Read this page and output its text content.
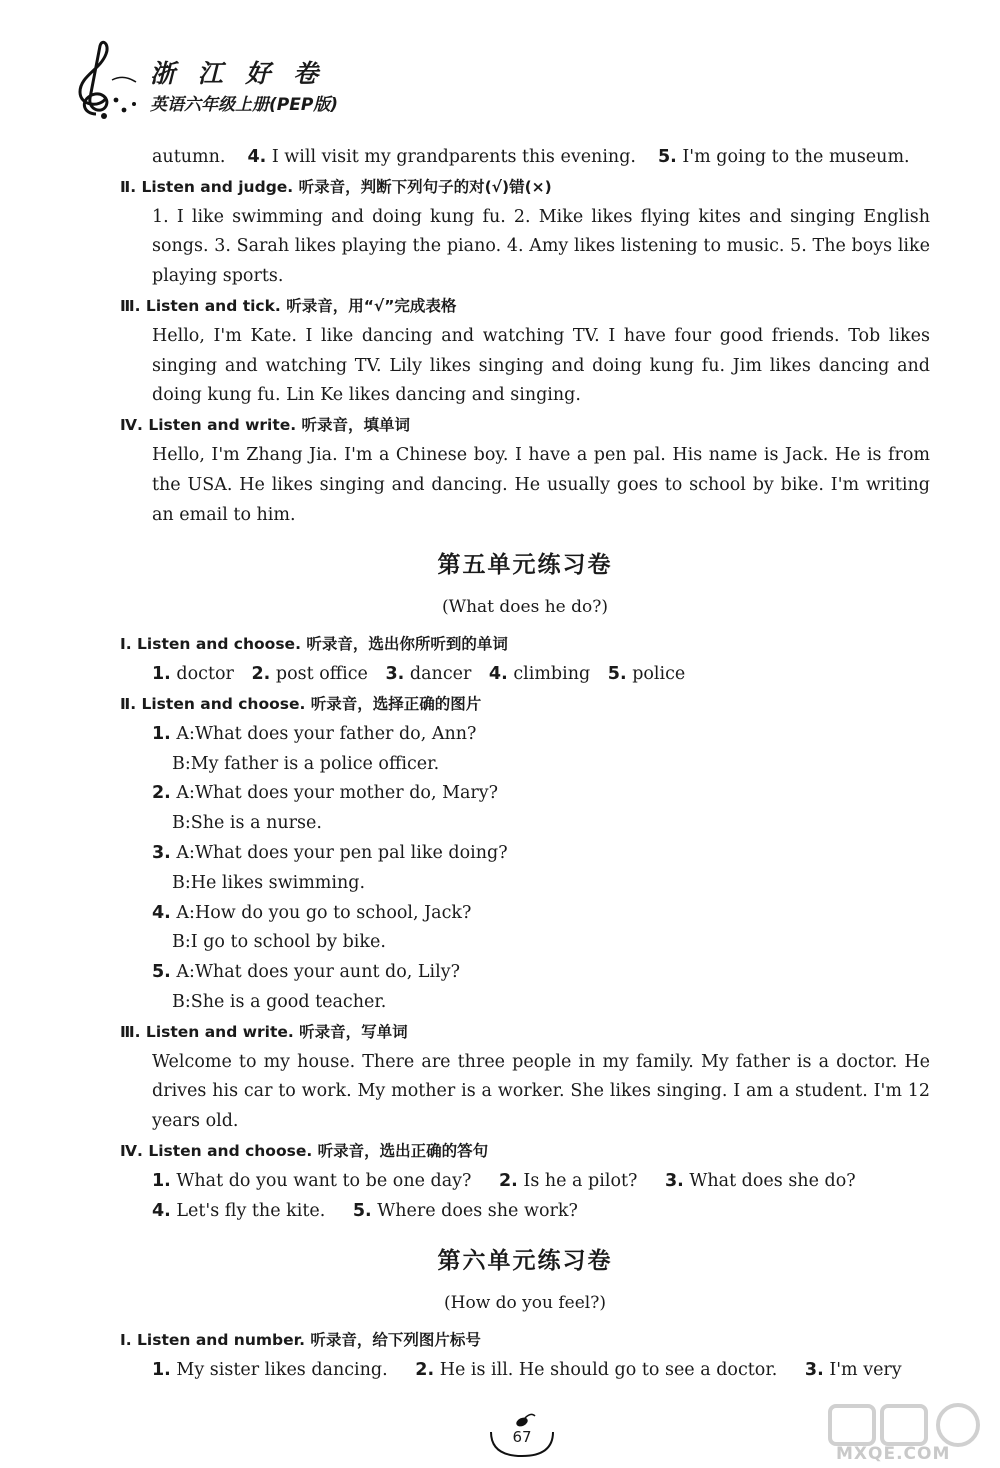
浙 江 好 卷
英语六年级上册(PEP版)
autumn. 4. I will visit my grandparents this evening. 5. I'm going to the museum.
Ⅱ. Listen and judge. 听录音，判断下列句子的对(√)错(×)
1. I like swimming and doing kung fu. 2. Mike likes flying kites and singing English songs. 3. Sarah likes playing the piano. 4. Amy likes listening to music. 5. The boys like playing sports.
Ⅲ. Listen and tick. 听录音，用“√”完成表格
Hello, I'm Kate. I like dancing and watching TV. I have four good friends. Tob likes singing and watching TV. Lily likes singing and doing kung fu. Jim likes dancing and doing kung fu. Lin Ke likes dancing and singing.
Ⅳ. Listen and write. 听录音，填单词
Hello, I'm Zhang Jia. I'm a Chinese boy. I have a pen pal. His name is Jack. He is from the USA. He likes singing and dancing. He usually goes to school by bike. I'm writing an email to him.
第五单元练习卷
(What does he do?)
Ⅰ. Listen and choose. 听录音，选出你所听到的单词
1. doctor 2. post office 3. dancer 4. climbing 5. police
Ⅱ. Listen and choose. 听录音，选择正确的图片
1. A:What does your father do, Ann?
B:My father is a police officer.
2. A:What does your mother do, Mary?
B:She is a nurse.
3. A:What does your pen pal like doing?
B:He likes swimming.
4. A:How do you go to school, Jack?
B:I go to school by bike.
5. A:What does your aunt do, Lily?
B:She is a good teacher.
Ⅲ. Listen and write. 听录音，写单词
Welcome to my house. There are three people in my family. My father is a doctor. He drives his car to work. My mother is a worker. She likes singing. I am a student. I'm 12 years old.
Ⅳ. Listen and choose. 听录音，选出正确的答句
1. What do you want to be one day? 2. Is he a pilot? 3. What does she do?
4. Let's fly the kite. 5. Where does she work?
第六单元练习卷
(How do you feel?)
Ⅰ. Listen and number. 听录音，给下列图片标号
1. My sister likes dancing. 2. He is ill. He should go to see a doctor. 3. I'm very
67
MXQE.COM
